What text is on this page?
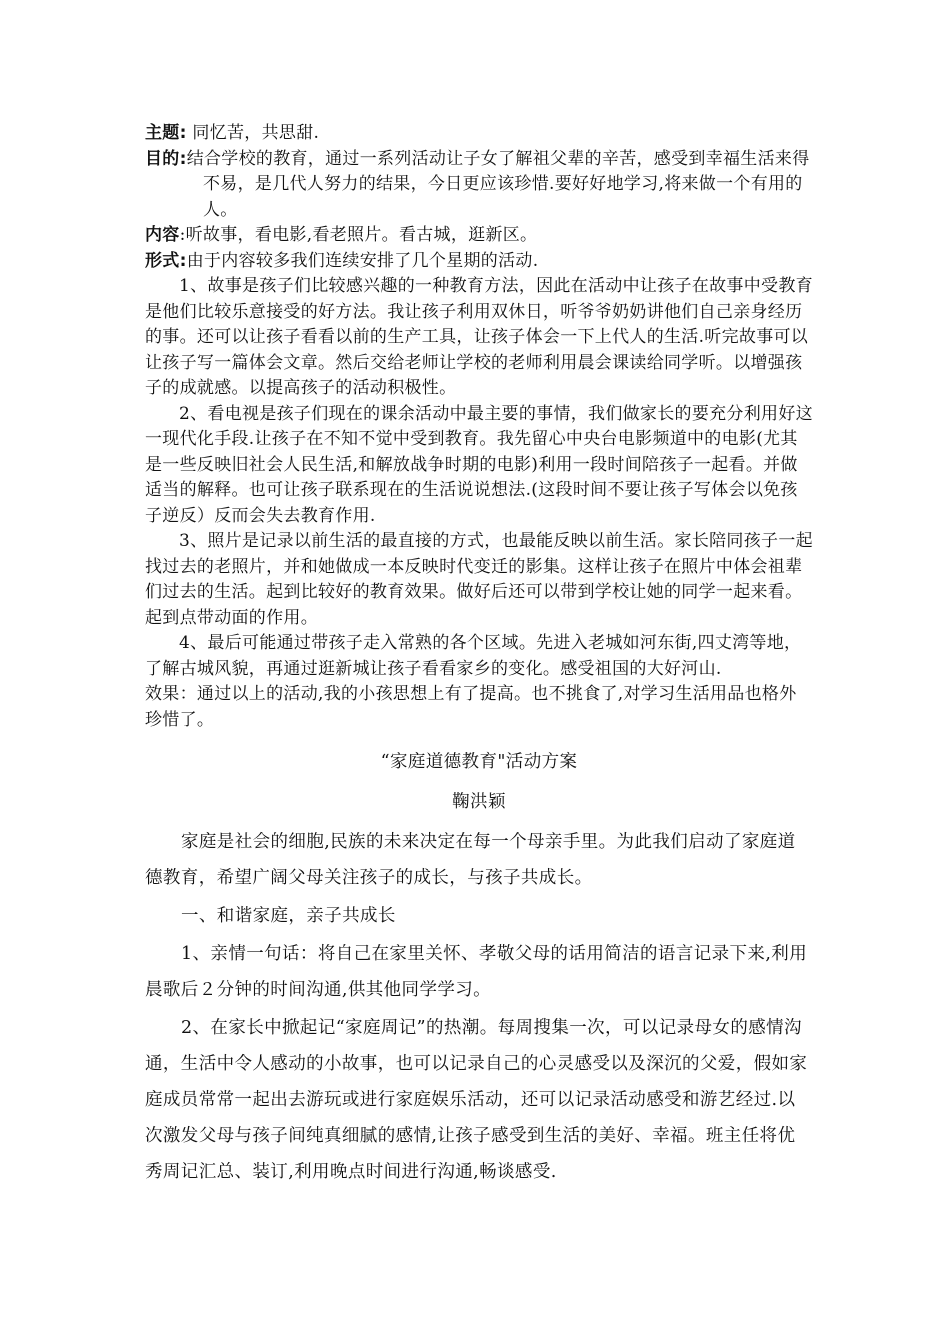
主题: 同忆苦，共思甜.

目的:结合学校的教育，通过一系列活动让子女了解祖父辈的辛苦，感受到幸福生活来得不易，是几代人努力的结果，今日更应该珍惜.要好好地学习,将来做一个有用的人。

内容:听故事，看电影,看老照片。看古城，逛新区。

形式:由于内容较多我们连续安排了几个星期的活动.

1、故事是孩子们比较感兴趣的一种教育方法，因此在活动中让孩子在故事中受教育是他们比较乐意接受的好方法。我让孩子利用双休日，听爷爷奶奶讲他们自己亲身经历的事。还可以让孩子看看以前的生产工具，让孩子体会一下上代人的生活.听完故事可以让孩子写一篇体会文章。然后交给老师让学校的老师利用晨会课读给同学听。以增强孩子的成就感。以提高孩子的活动积极性。

2、看电视是孩子们现在的课余活动中最主要的事情，我们做家长的要充分利用好这一现代化手段.让孩子在不知不觉中受到教育。我先留心中央台电影频道中的电影(尤其是一些反映旧社会人民生活,和解放战争时期的电影)利用一段时间陪孩子一起看。并做适当的解释。也可让孩子联系现在的生活说说想法.(这段时间不要让孩子写体会以免孩子逆反）反而会失去教育作用.

3、照片是记录以前生活的最直接的方式，也最能反映以前生活。家长陪同孩子一起找过去的老照片，并和她做成一本反映时代变迁的影集。这样让孩子在照片中体会祖辈们过去的生活。起到比较好的教育效果。做好后还可以带到学校让她的同学一起来看。起到点带动面的作用。

4、最后可能通过带孩子走入常熟的各个区域。先进入老城如河东街,四丈湾等地，了解古城风貌，再通过逛新城让孩子看看家乡的变化。感受祖国的大好河山.

效果：通过以上的活动,我的小孩思想上有了提高。也不挑食了,对学习生活用品也格外珍惜了。

“家庭道德教育"活动方案

鞠洪颖

家庭是社会的细胞,民族的未来决定在每一个母亲手里。为此我们启动了家庭道德教育，希望广阔父母关注孩子的成长，与孩子共成长。

一、和谐家庭，亲子共成长

1、亲情一句话：将自己在家里关怀、孝敬父母的话用简洁的语言记录下来,利用晨歌后２分钟的时间沟通,供其他同学学习。

2、在家长中掀起记“家庭周记”的热潮。每周搜集一次，可以记录母女的感情沟通，生活中令人感动的小故事，也可以记录自己的心灵感受以及深沉的父爱，假如家庭成员常常一起出去游玩或进行家庭娱乐活动，还可以记录活动感受和游艺经过.以次激发父母与孩子间纯真细腻的感情,让孩子感受到生活的美好、幸福。班主任将优秀周记汇总、装订,利用晚点时间进行沟通,畅谈感受.
